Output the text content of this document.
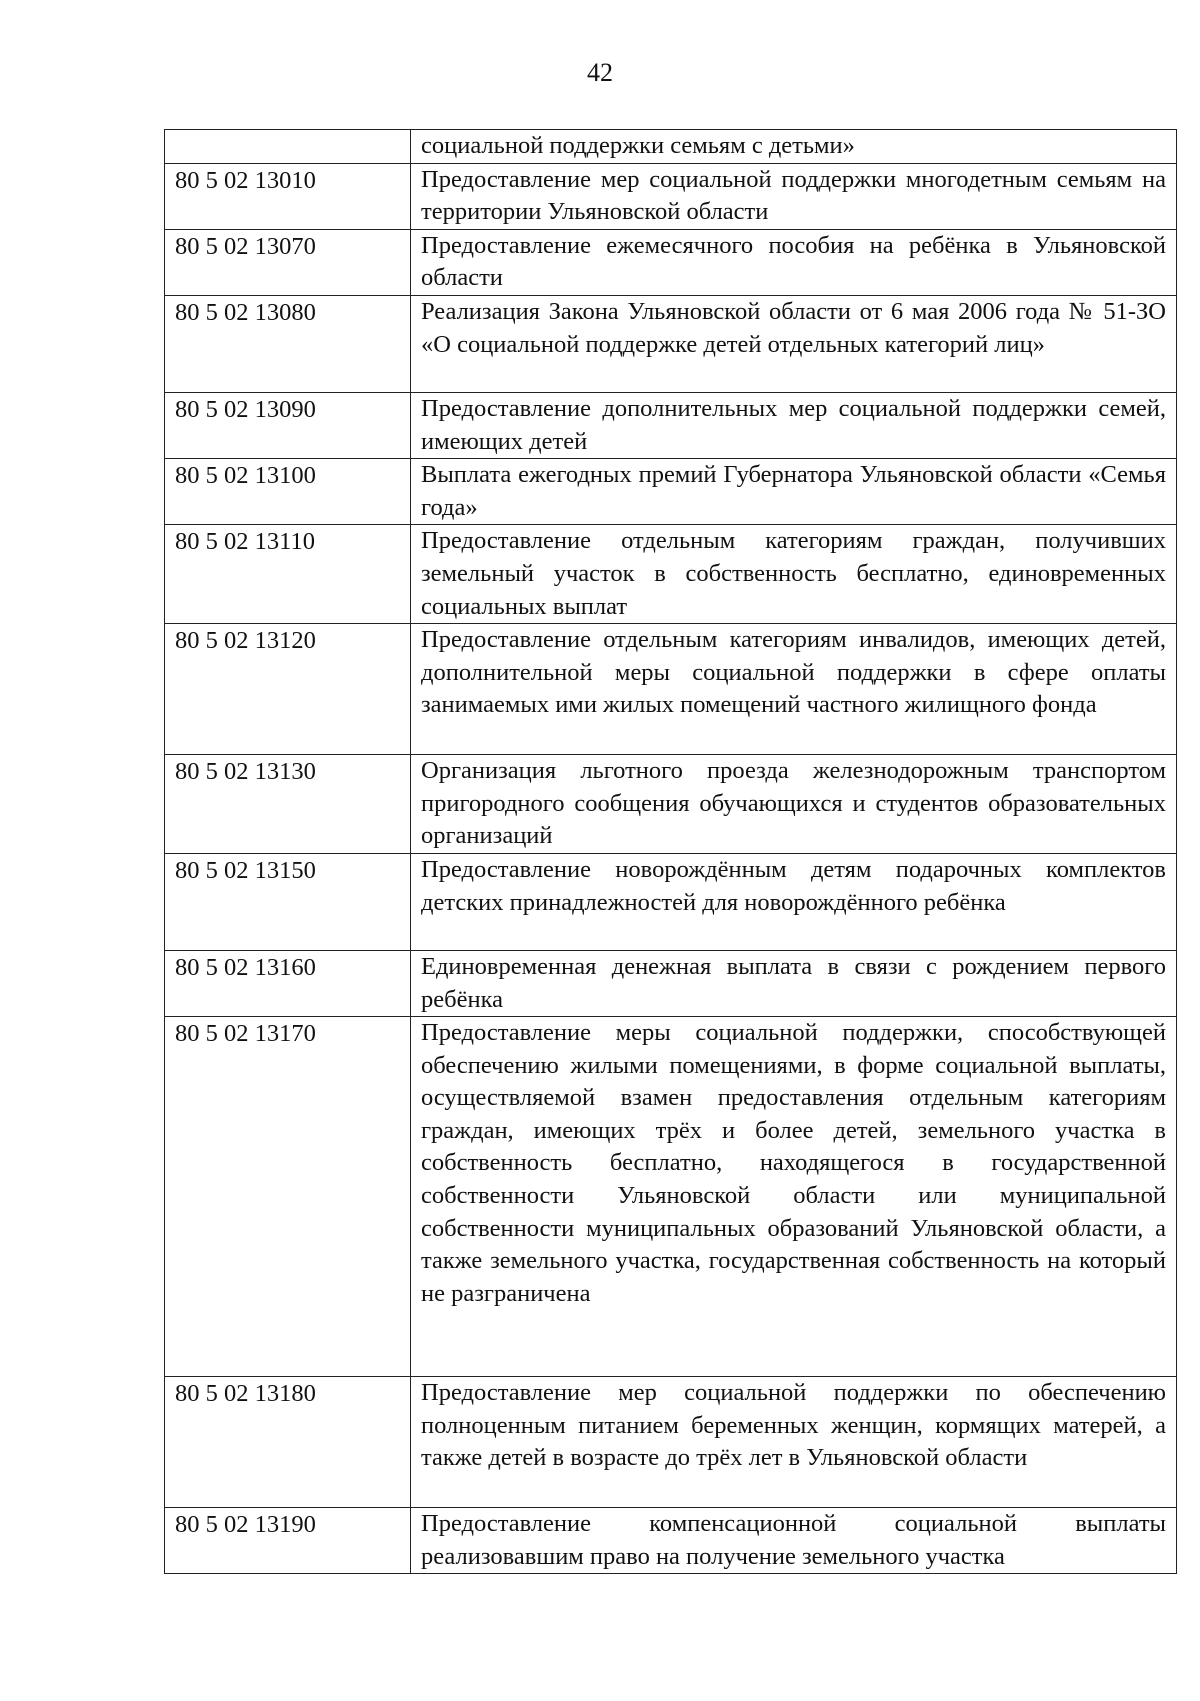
42
	социальной поддержки семьям с детьми»
80 5 02 13010	Предоставление мер социальной поддержки многодетным семьям на территории Ульяновской области
80 5 02 13070	Предоставление ежемесячного пособия на ребёнка в Ульяновской области
80 5 02 13080	Реализация Закона Ульяновской области от 6 мая 2006 года № 51-ЗО «О социальной поддержке детей отдельных категорий лиц»
80 5 02 13090	Предоставление дополнительных мер социальной поддержки семей, имеющих детей
80 5 02 13100	Выплата ежегодных премий Губернатора Ульяновской области «Семья года»
80 5 02 13110	Предоставление отдельным категориям граждан, получивших земельный участок в собственность бесплатно, единовременных социальных выплат
80 5 02 13120	Предоставление отдельным категориям инвалидов, имеющих детей, дополнительной меры социальной поддержки в сфере оплаты занимаемых ими жилых помещений частного жилищного фонда
80 5 02 13130	Организация льготного проезда железнодорожным транспортом пригородного сообщения обучающихся и студентов образовательных организаций
80 5 02 13150	Предоставление новорождённым детям подарочных комплектов детских принадлежностей для новорождённого ребёнка
80 5 02 13160	Единовременная денежная выплата в связи с рождением первого ребёнка
80 5 02 13170	Предоставление меры социальной поддержки, способствующей обеспечению жилыми помещениями, в форме социальной выплаты, осуществляемой взамен предоставления отдельным категориям граждан, имеющих трёх и более детей, земельного участка в собственность бесплатно, находящегося в государственной собственности Ульяновской области или муниципальной собственности муниципальных образований Ульяновской области, а также земельного участка, государственная собственность на который не разграничена
80 5 02 13180	Предоставление мер социальной поддержки по обеспечению полноценным питанием беременных женщин, кормящих матерей, а также детей в возрасте до трёх лет в Ульяновской области
80 5 02 13190	Предоставление компенсационной социальной выплаты реализовавшим право на получение земельного участка
